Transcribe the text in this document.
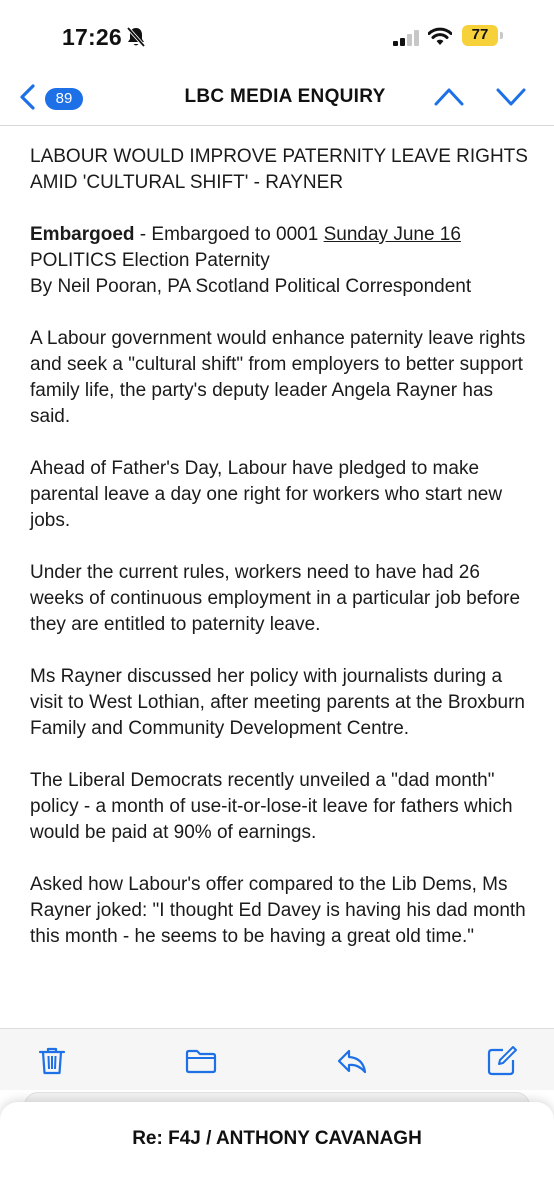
17:26	77
89	LBC MEDIA ENQUIRY

LABOUR WOULD IMPROVE PATERNITY LEAVE RIGHTS AMID 'CULTURAL SHIFT' - RAYNER

Embargoed - Embargoed to 0001 Sunday June 16

POLITICS Election Paternity

By Neil Pooran, PA Scotland Political Correspondent

A Labour government would enhance paternity leave rights and seek a "cultural shift" from employers to better support family life, the party's deputy leader Angela Rayner has said.

Ahead of Father's Day, Labour have pledged to make parental leave a day one right for workers who start new jobs.

Under the current rules, workers need to have had 26 weeks of continuous employment in a particular job before they are entitled to paternity leave.

Ms Rayner discussed her policy with journalists during a visit to West Lothian, after meeting parents at the Broxburn Family and Community Development Centre.

The Liberal Democrats recently unveiled a "dad month" policy - a month of use-it-or-lose-it leave for fathers which would be paid at 90% of earnings.

Asked how Labour's offer compared to the Lib Dems, Ms Rayner joked: "I thought Ed Davey is having his dad month this month - he seems to be having a great old time."

Re: F4J / ANTHONY CAVANAGH
